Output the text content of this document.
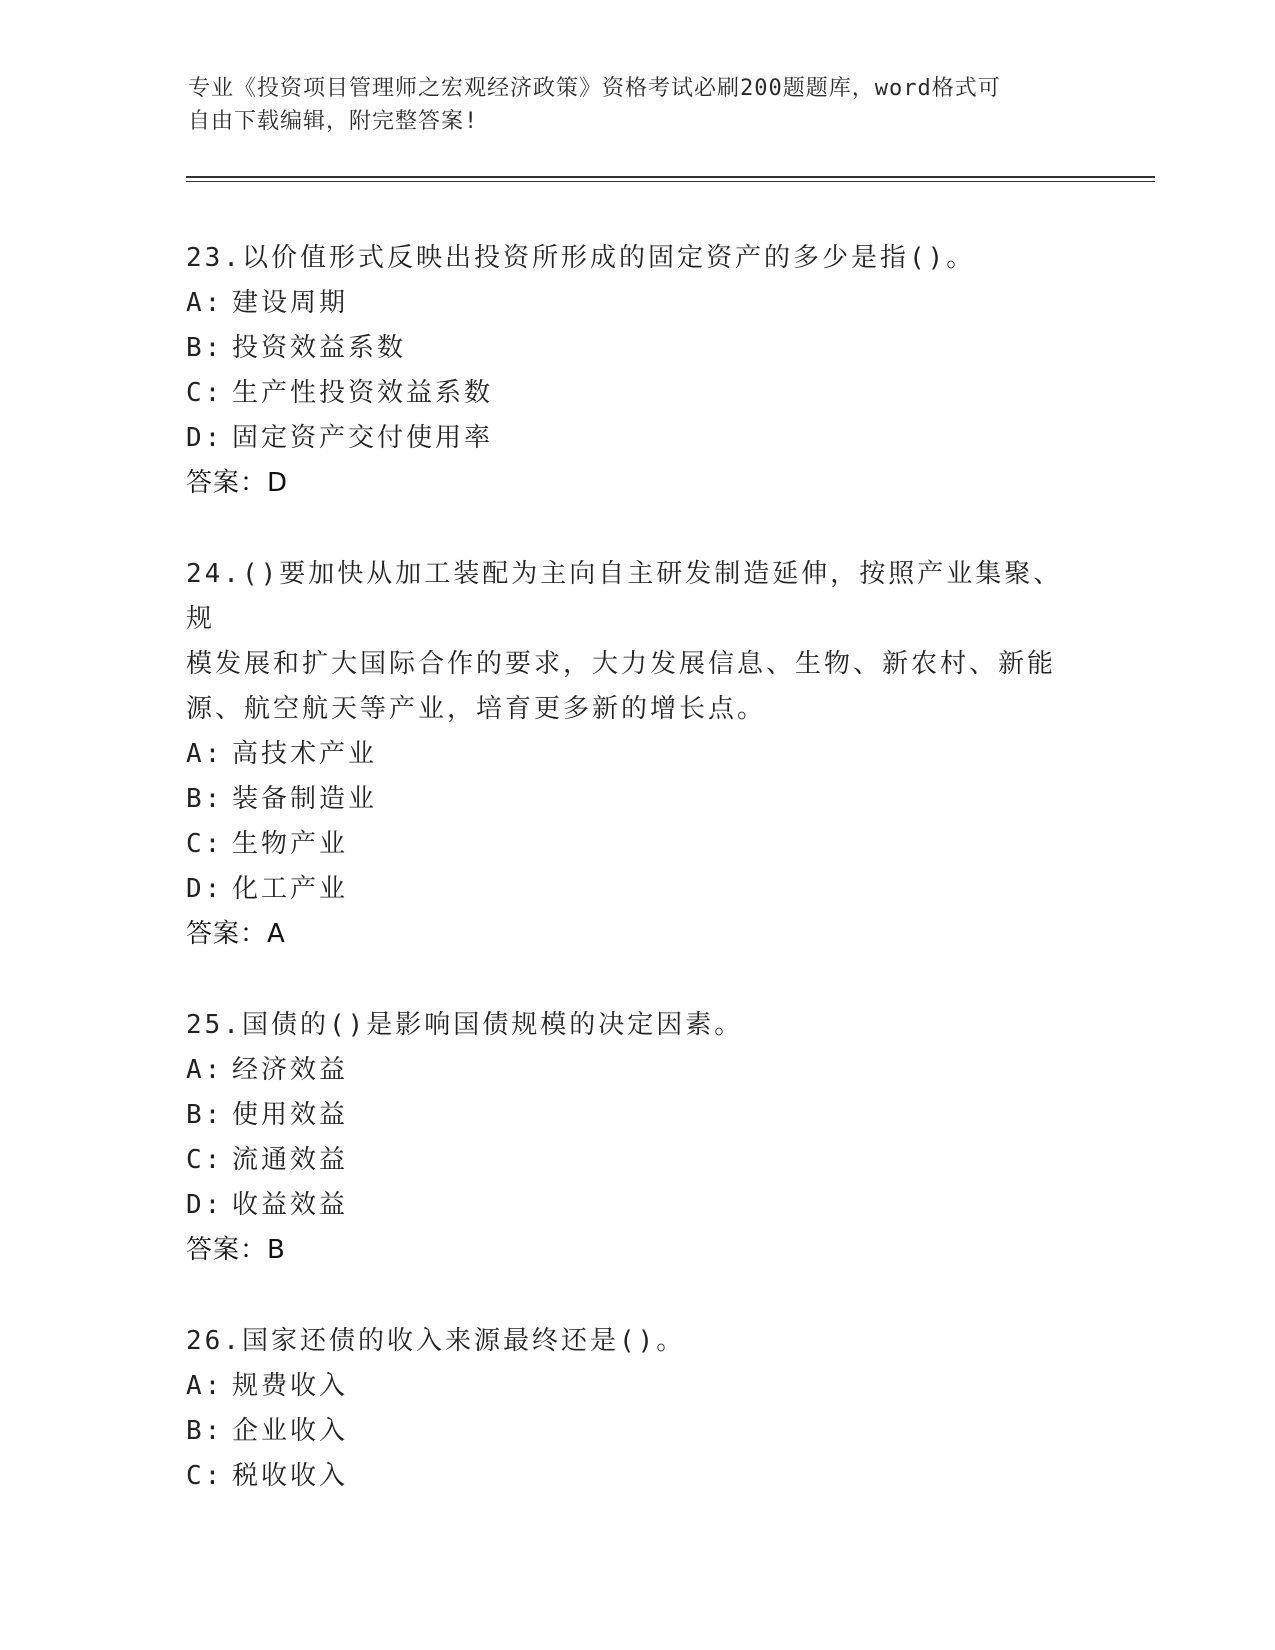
专业《投资项目管理师之宏观经济政策》资格考试必刷200题题库，word格式可
自由下载编辑，附完整答案!
23.以价值形式反映出投资所形成的固定资产的多少是指()。
A: 建设周期
B: 投资效益系数
C: 生产性投资效益系数
D: 固定资产交付使用率
答案：D
24.()要加快从加工装配为主向自主研发制造延伸，按照产业集聚、规
模发展和扩大国际合作的要求，大力发展信息、生物、新农村、新能
源、航空航天等产业，培育更多新的增长点。
A: 高技术产业
B: 装备制造业
C: 生物产业
D: 化工产业
答案：A
25.国债的()是影响国债规模的决定因素。
A: 经济效益
B: 使用效益
C: 流通效益
D: 收益效益
答案：B
26.国家还债的收入来源最终还是()。
A: 规费收入
B: 企业收入
C: 税收收入
